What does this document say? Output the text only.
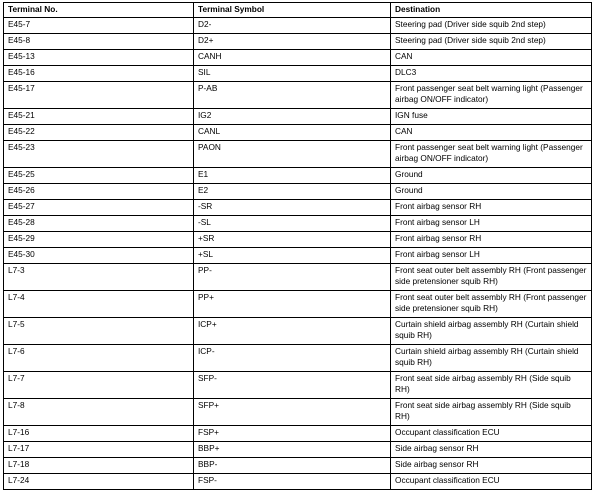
Terminal No.	Terminal Symbol	Destination
E45-7	D2-	Steering pad (Driver side squib 2nd step)
E45-8	D2+	Steering pad (Driver side squib 2nd step)
E45-13	CANH	CAN
E45-16	SIL	DLC3
E45-17	P-AB	Front passenger seat belt warning light (Passenger airbag ON/OFF indicator)
E45-21	IG2	IGN fuse
E45-22	CANL	CAN
E45-23	PAON	Front passenger seat belt warning light (Passenger airbag ON/OFF indicator)
E45-25	E1	Ground
E45-26	E2	Ground
E45-27	-SR	Front airbag sensor RH
E45-28	-SL	Front airbag sensor LH
E45-29	+SR	Front airbag sensor RH
E45-30	+SL	Front airbag sensor LH
L7-3	PP-	Front seat outer belt assembly RH (Front passenger side pretensioner squib RH)
L7-4	PP+	Front seat outer belt assembly RH (Front passenger side pretensioner squib RH)
L7-5	ICP+	Curtain shield airbag assembly RH (Curtain shield squib RH)
L7-6	ICP-	Curtain shield airbag assembly RH (Curtain shield squib RH)
L7-7	SFP-	Front seat side airbag assembly RH (Side squib RH)
L7-8	SFP+	Front seat side airbag assembly RH (Side squib RH)
L7-16	FSP+	Occupant classification ECU
L7-17	BBP+	Side airbag sensor RH
L7-18	BBP-	Side airbag sensor RH
L7-24	FSP-	Occupant classification ECU
